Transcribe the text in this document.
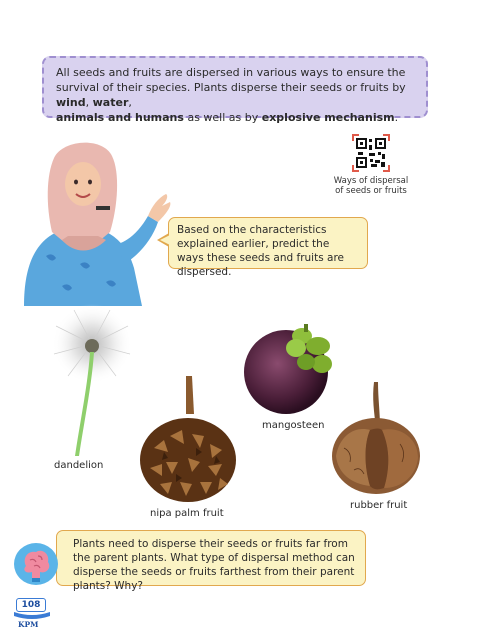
All seeds and fruits are dispersed in various ways to ensure the survival of their species. Plants disperse their seeds or fruits by wind, water,
animals and humans as well as by explosive mechanism.
Ways of dispersal
of seeds or fruits
Based on the characteristics explained earlier, predict the ways these seeds and fruits are dispersed.
dandelion
nipa palm fruit
mangosteen
rubber fruit
Plants need to disperse their seeds or fruits far from the parent plants. What type of dispersal method can disperse the seeds or fruits farthest from their parent plants? Why?
108
KPM
